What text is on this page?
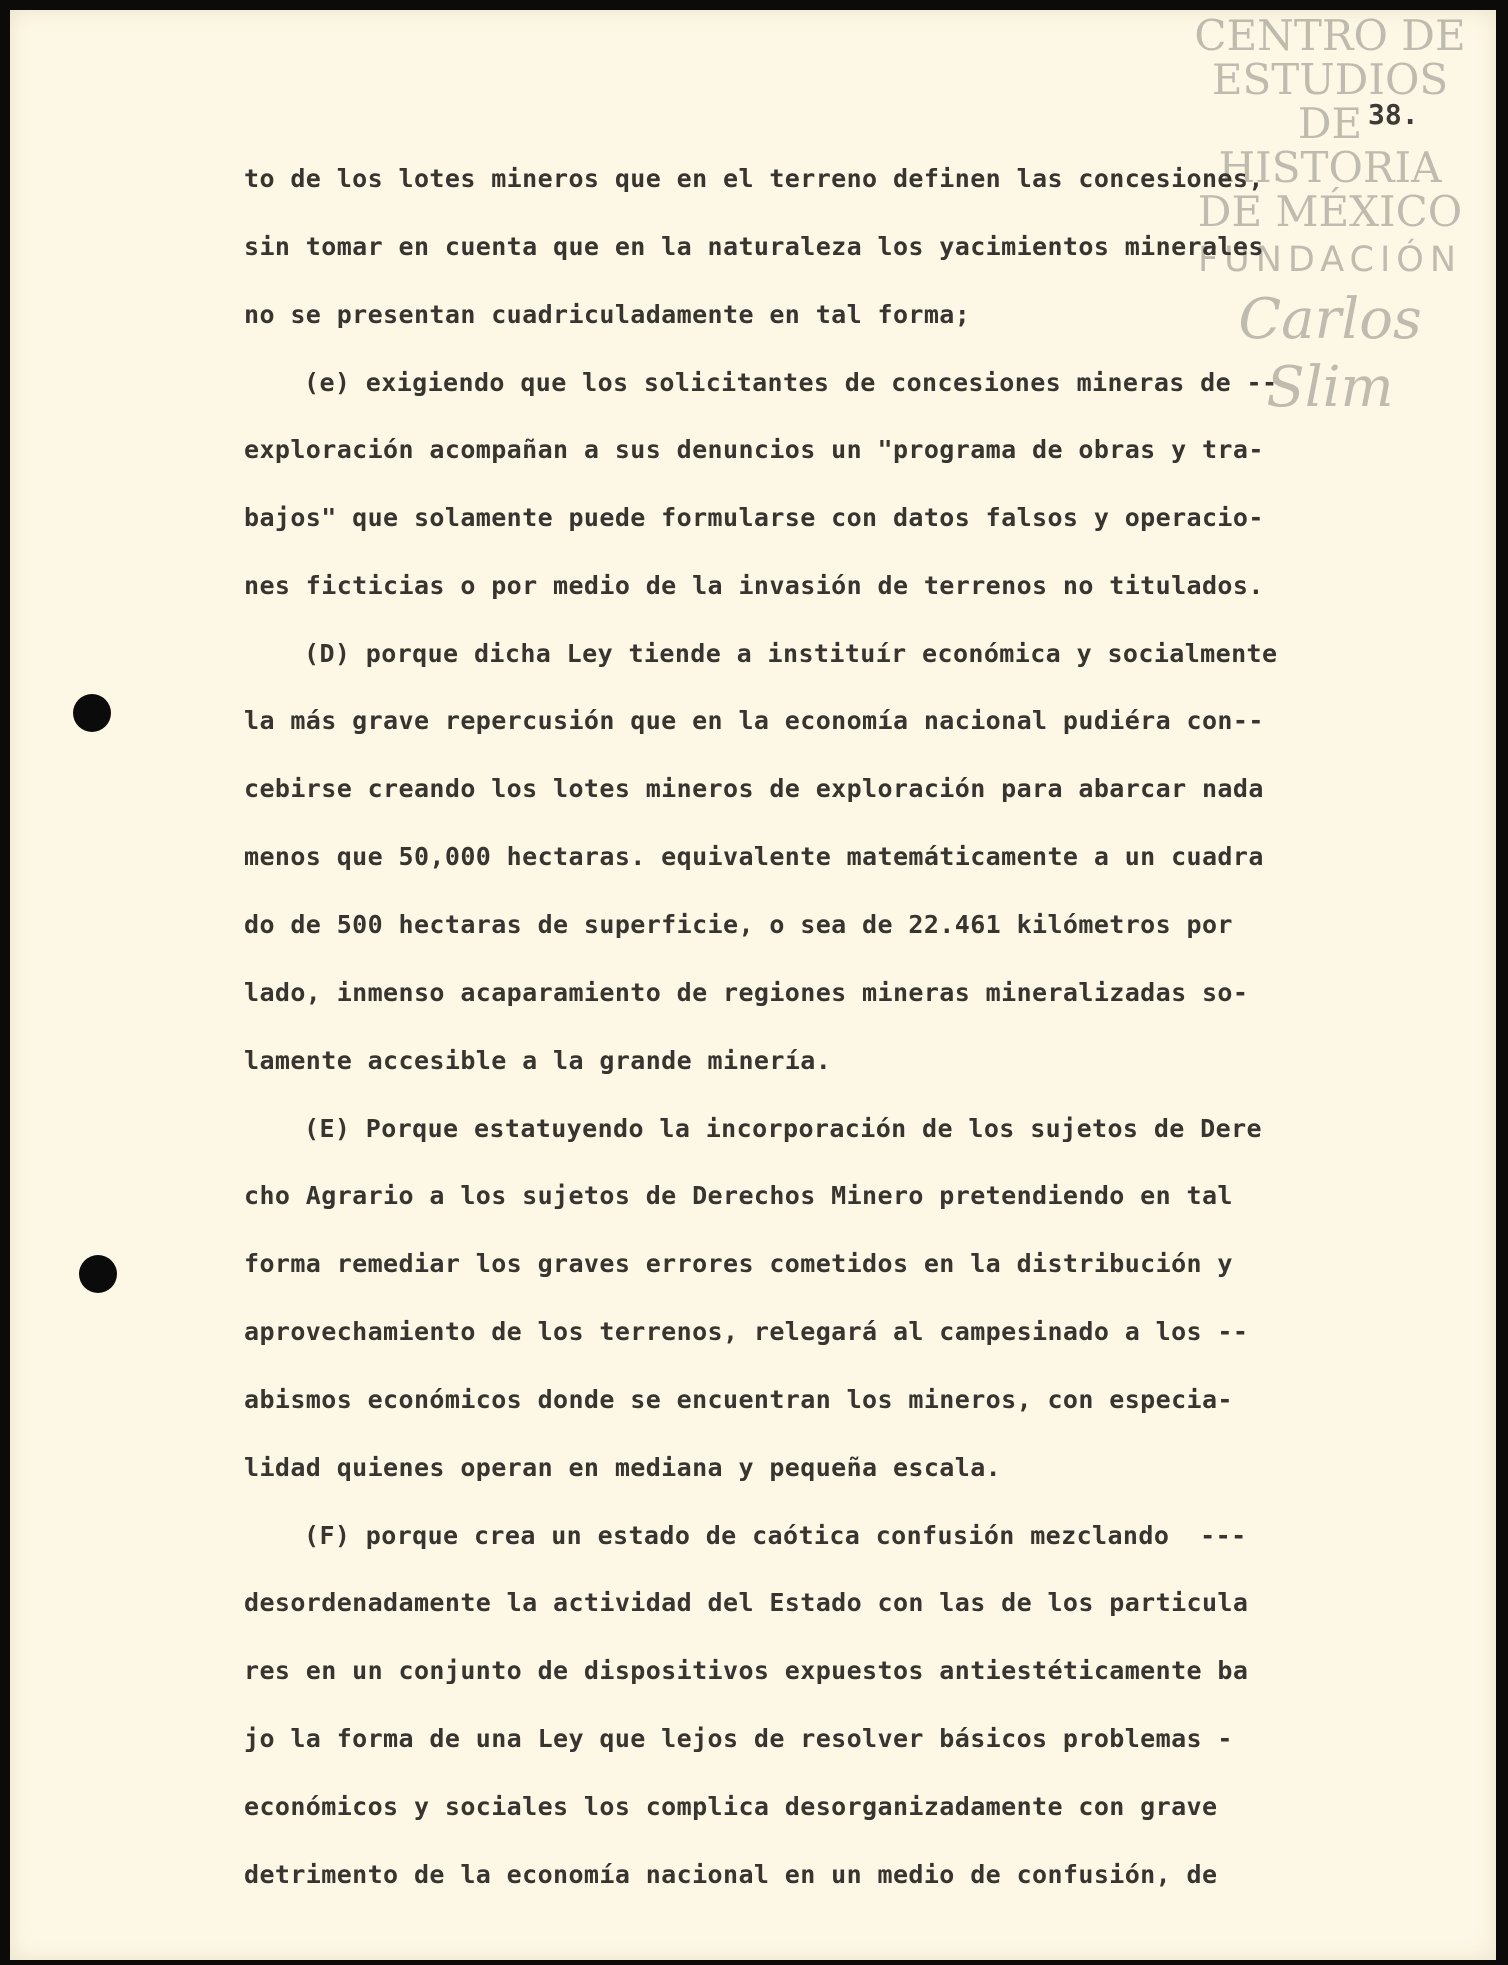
CENTRO DE
ESTUDIOS
DE HISTORIA
DE MÉXICO
FUNDACIÓN
Carlos Slim
38.
to de los lotes mineros que en el terreno definen las concesiones,
sin tomar en cuenta que en la naturaleza los yacimientos minerales
no se presentan cuadriculadamente en tal forma;
(e) exigiendo que los solicitantes de concesiones mineras de --
exploración acompañan a sus denuncios un "programa de obras y tra-
bajos" que solamente puede formularse con datos falsos y operacio-
nes ficticias o por medio de la invasión de terrenos no titulados.
(D) porque dicha Ley tiende a instituír económica y socialmente
la más grave repercusión que en la economía nacional pudiéra con--
cebirse creando los lotes mineros de exploración para abarcar nada
menos que 50,000 hectaras. equivalente matemáticamente a un cuadra
do de 500 hectaras de superficie, o sea de 22.461 kilómetros por
lado, inmenso acaparamiento de regiones mineras mineralizadas so-
lamente accesible a la grande minería.
(E) Porque estatuyendo la incorporación de los sujetos de Dere
cho Agrario a los sujetos de Derechos Minero pretendiendo en tal
forma remediar los graves errores cometidos en la distribución y
aprovechamiento de los terrenos, relegará al campesinado a los --
abismos económicos donde se encuentran los mineros, con especia-
lidad quienes operan en mediana y pequeña escala.
(F) porque crea un estado de caótica confusión mezclando  ---
desordenadamente la actividad del Estado con las de los particula
res en un conjunto de dispositivos expuestos antiestéticamente ba
jo la forma de una Ley que lejos de resolver básicos problemas -
económicos y sociales los complica desorganizadamente con grave
detrimento de la economía nacional en un medio de confusión, de
